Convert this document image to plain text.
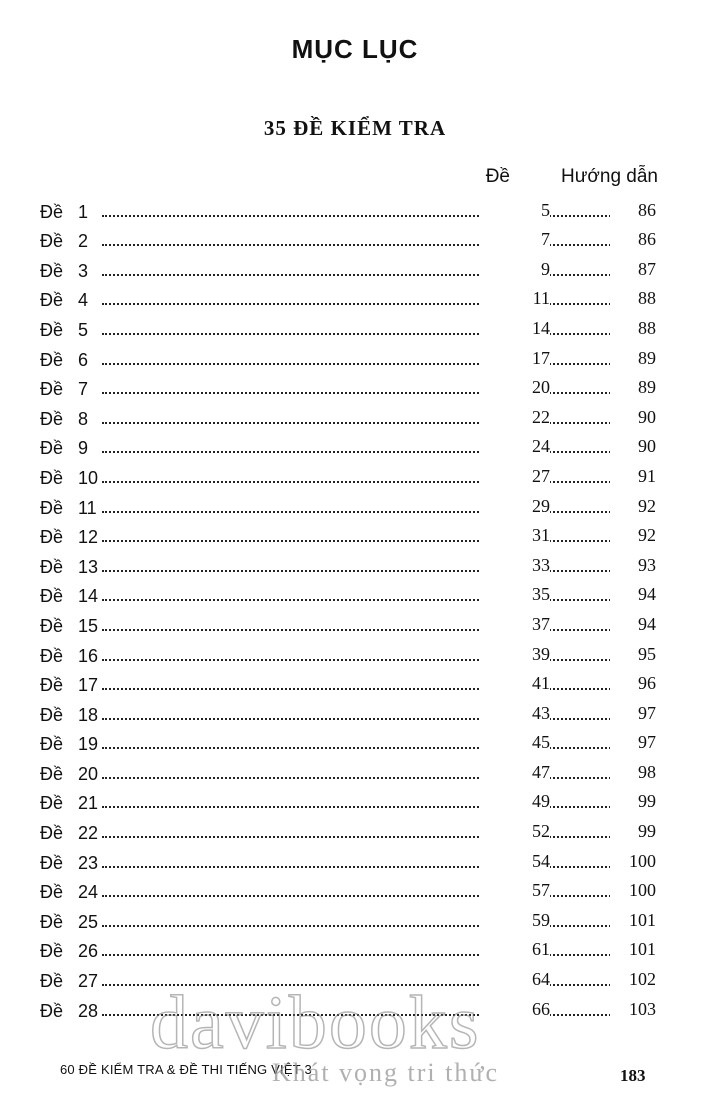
MỤC LỤC
35 ĐỀ KIỂM TRA
Đề	Hướng dẫn
Đề 1	5	86
Đề 2	7	86
Đề 3	9	87
Đề 4	11	88
Đề 5	14	88
Đề 6	17	89
Đề 7	20	89
Đề 8	22	90
Đề 9	24	90
Đề 10	27	91
Đề 11	29	92
Đề 12	31	92
Đề 13	33	93
Đề 14	35	94
Đề 15	37	94
Đề 16	39	95
Đề 17	41	96
Đề 18	43	97
Đề 19	45	97
Đề 20	47	98
Đề 21	49	99
Đề 22	52	99
Đề 23	54	100
Đề 24	57	100
Đề 25	59	101
Đề 26	61	101
Đề 27	64	102
Đề 28	66	103
60 ĐỀ KIỂM TRA & ĐỀ THI TIẾNG VIỆT 3	183
davibooks
Khát vọng tri thức
